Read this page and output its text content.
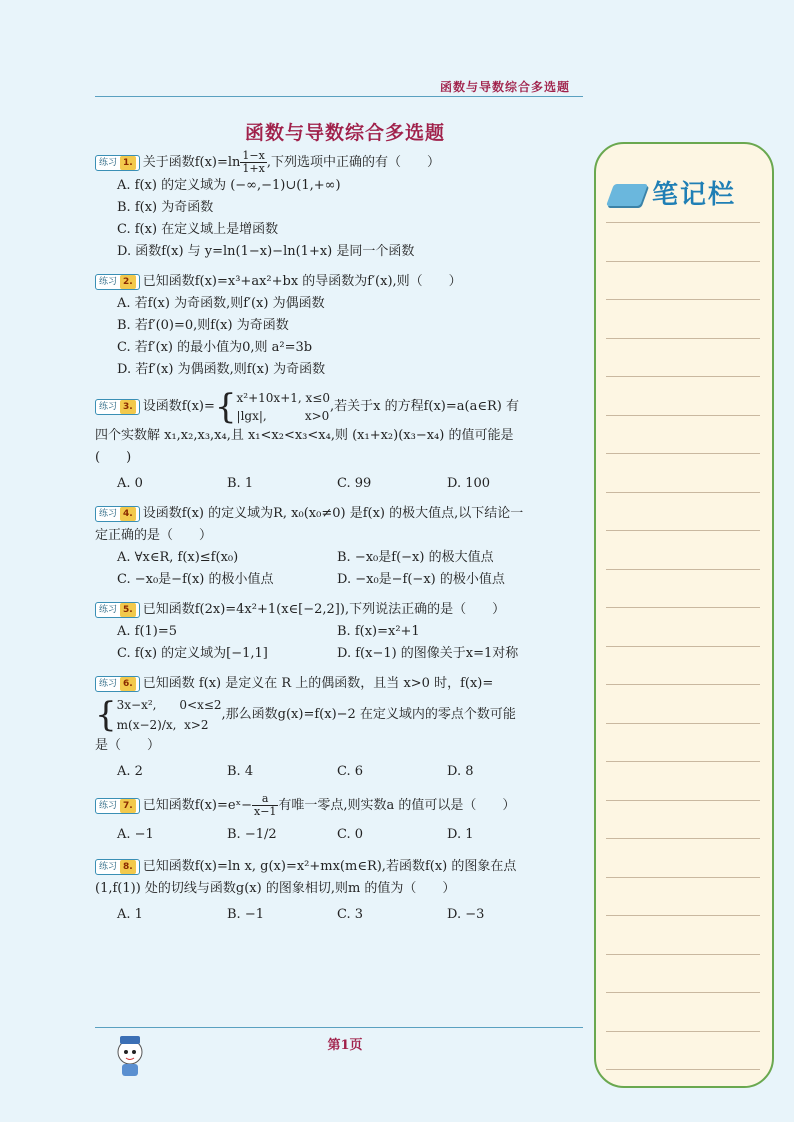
函数与导数综合多选题
函数与导数综合多选题
练习 1. 关于函数$f(x)=\ln \frac{1-x}{1+x}$ ,下列选项中正确的有（　　）
A. f(x) 的定义域为 (−∞,−1)∪(1,+∞)
B. f(x) 为奇函数
C. f(x) 在定义域上是增函数
D. 函数f(x) 与 y=ln(1−x)−ln(1+x) 是同一个函数
练习 2. 已知函数f(x)=x³+ax²+bx 的导函数为f′(x),则（　　）
A. 若f(x) 为奇函数,则f′(x) 为偶函数
B. 若f′(0)=0,则f(x) 为奇函数
C. 若f′(x) 的最小值为0,则 a²=3b
D. 若f′(x) 为偶函数,则f(x) 为奇函数
练习 3. 设函数f(x)= { x²+10x+1, x≤0
|lgx|,          x>0
,若关于x 的方程f(x)=a(a∈R) 有
四个实数解 x₁,x₂,x₃,x₄,且 x₁<x₂<x₃<x₄,则 (x₁+x₂)(x₃−x₄) 的值可能是
(　　)
A. 0	B. 1	C. 99	D. 100
练习 4. 设函数f(x) 的定义域为R, x₀(x₀≠0) 是f(x) 的极大值点,以下结论一
定正确的是（　　）
A. ∀x∈R, f(x)≤f(x₀)	B. −x₀是f(−x) 的极大值点
C. −x₀是−f(x) 的极小值点	D. −x₀是−f(−x) 的极小值点
练习 5. 已知函数f(2x)=4x²+1(x∈[−2,2]),下列说法正确的是（　　）
A. f(1)=5	B. f(x)=x²+1
C. f(x) 的定义域为[−1,1]	D. f(x−1) 的图像关于x=1对称
练习 6. 已知函数 f(x) 是定义在 R 上的偶函数，且当 x>0 时，f(x)=
{ 3x−x²,      0<x≤2
m(x−2)/x,  x>2
,那么函数g(x)=f(x)−2 在定义域内的零点个数可能
是（　　）
A. 2	B. 4	C. 6	D. 8
练习 7. 已知函数f(x)=eˣ− $\frac{a}{x-1}$ 有唯一零点,则实数a 的值可以是（　　）
A. −1	B. −1/2	C. 0	D. 1
练习 8. 已知函数f(x)=ln x, g(x)=x²+mx(m∈R),若函数f(x) 的图象在点
(1,f(1)) 处的切线与函数g(x) 的图象相切,则m 的值为（　　）
A. 1	B. −1	C. 3	D. −3
笔记栏
第1页
